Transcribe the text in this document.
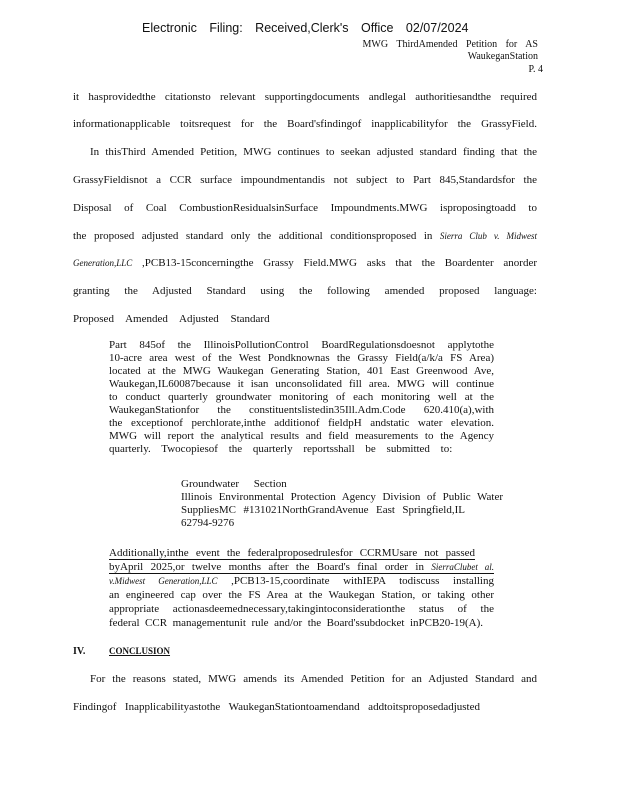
Electronic Filing: Received,Clerk's Office 02/07/2024
MWG ThirdAmended Petition for AS
WaukeganStation
P. 4
it hasprovidedthe citationsto relevant supportingdocuments andlegal authoritiesandthe required
informationapplicable toitsrequest for the Board'sfindingof inapplicabilityfor the GrassyField.
In thisThird Amended Petition, MWG continues to seekan adjusted standard finding that the
GrassyFieldisnot a CCR surface impoundmentandis not subject to Part 845,Standardsfor the
Disposal of Coal CombustionResidualsinSurface Impoundments.MWG isproposingtoadd to
the proposed adjusted standard only the additional conditionsproposed in Sierra Club v. Midwest
Generation,LLC ,PCB13-15concerningthe Grassy Field.MWG asks that the Boardenter anorder
granting the Adjusted Standard using the following amended proposed language:
Proposed Amended Adjusted Standard
Part 845of the IllinoisPollutionControl BoardRegulationsdoesnot applytothe
10-acre area west of the West Pondknownas the Grassy Field(a/k/a FS Area)
located at the MWG Waukegan Generating Station, 401 East Greenwood Ave,
Waukegan,IL60087because it isan unconsolidated fill area. MWG will continue
to conduct quarterly groundwater monitoring of each monitoring well at the
WaukeganStationfor the constituentslistedin35Ill.Adm.Code 620.410(a),with
the exceptionof perchlorate,inthe additionof fieldpH andstatic water elevation.
MWG will report the analytical results and field measurements to the Agency
quarterly. Twocopiesof the quarterly reportsshall be submitted to:
Groundwater Section
Illinois Environmental Protection Agency Division of Public Water
SuppliesMC #131021NorthGrandAvenue East Springfield,IL
62794-9276
Additionally,inthe event the federalproposedrulesfor CCRMUsare not passed
byApril 2025,or twelve months after the Board's final order in SierraClubet al.
v.Midwest Generation,LLC ,PCB13-15,coordinate withIEPA todiscuss installing
an engineered cap over the FS Area at the Waukegan Station, or taking other
appropriate actionasdeemednecessary,takingintoconsiderationthe status of the
federal CCR managementunit rule and/or the Board'ssubdocket inPCB20-19(A).
IV.	CONCLUSION
For the reasons stated, MWG amends its Amended Petition for an Adjusted Standard and
Findingof Inapplicabilityastothe WaukeganStationtoamendand addtoitsproposedadjusted
